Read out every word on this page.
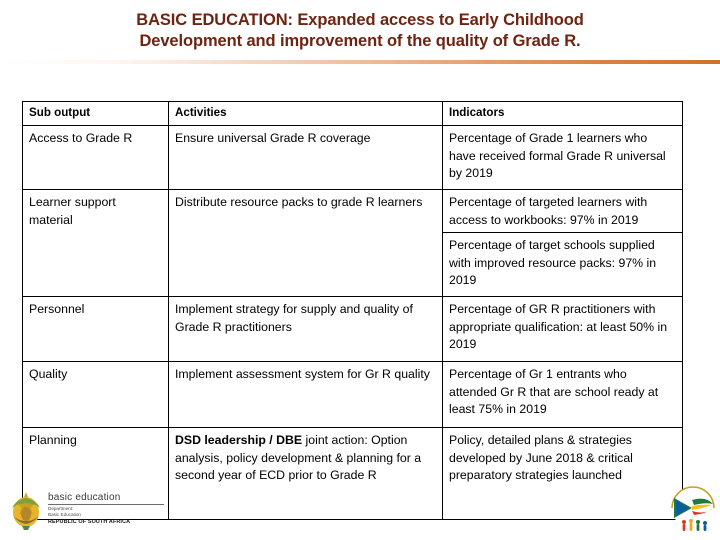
BASIC EDUCATION: Expanded access to Early Childhood
Development and improvement of the quality of Grade R.
Sub output	Activities	Indicators
Access to Grade R	Ensure universal Grade R coverage	Percentage of Grade 1 learners who have received formal Grade R universal by 2019
Learner support material	Distribute resource packs to grade R learners	Percentage of targeted learners with access to workbooks: 97% in 2019
		Percentage of target schools supplied with improved resource packs: 97% in 2019
Personnel	Implement strategy for supply and quality of Grade R practitioners	Percentage of GR R practitioners with appropriate qualification: at least 50% in 2019
Quality	Implement assessment system for Gr R quality	Percentage of Gr 1 entrants who attended Gr R that are school ready at least 75% in 2019
Planning	DSD leadership / DBE joint action: Option analysis, policy development & planning for a second year of ECD prior to Grade R	Policy, detailed plans & strategies developed by June 2018 & critical preparatory strategies launched
basic education
Department:
Basic Education
REPUBLIC OF SOUTH AFRICA
